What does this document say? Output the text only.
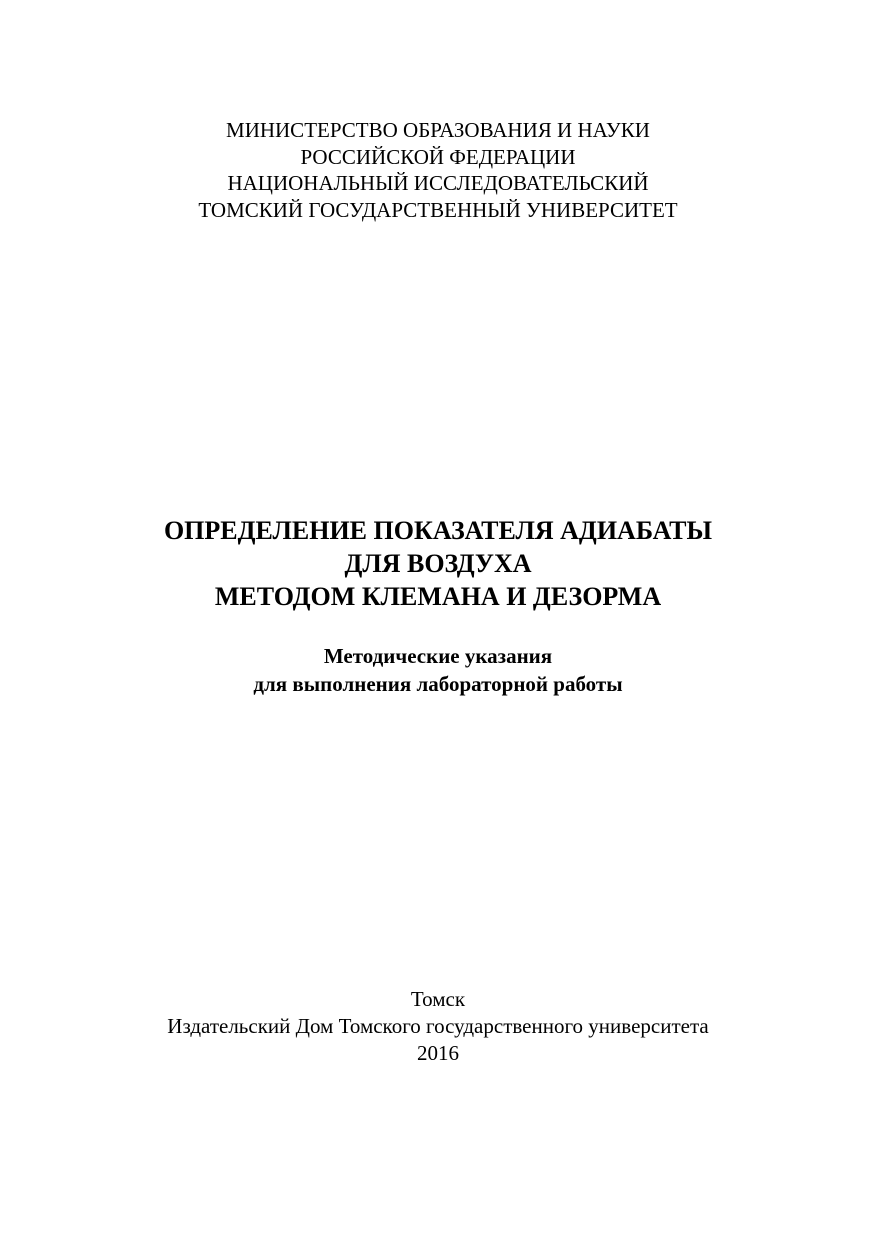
МИНИСТЕРСТВО ОБРАЗОВАНИЯ И НАУКИ
РОССИЙСКОЙ ФЕДЕРАЦИИ
НАЦИОНАЛЬНЫЙ ИССЛЕДОВАТЕЛЬСКИЙ
ТОМСКИЙ ГОСУДАРСТВЕННЫЙ УНИВЕРСИТЕТ
ОПРЕДЕЛЕНИЕ ПОКАЗАТЕЛЯ АДИАБАТЫ
ДЛЯ ВОЗДУХА
МЕТОДОМ КЛЕМАНА И ДЕЗОРМА
Методические указания
для выполнения лабораторной работы
Томск
Издательский Дом Томского государственного университета
2016
